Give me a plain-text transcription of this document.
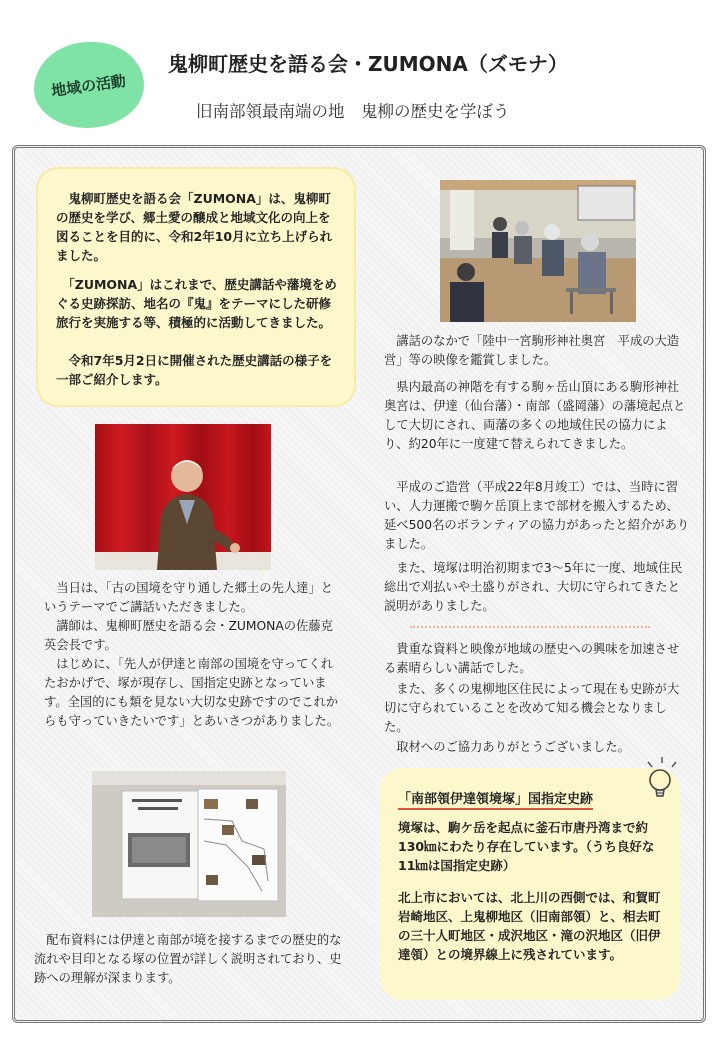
地域の活動
鬼柳町歴史を語る会・ZUMONA（ズモナ）
旧南部領最南端の地　鬼柳の歴史を学ぼう

　鬼柳町歴史を語る会「ZUMONA」は、鬼柳町の歴史を学び、郷土愛の醸成と地域文化の向上を図ることを目的に、令和2年10月に立ち上げられました。

　「ZUMONA」はこれまで、歴史講話や藩境をめぐる史跡探訪、地名の『鬼』をテーマにした研修旅行を実施する等、積極的に活動してきました。

　令和7年5月2日に開催された歴史講話の様子を一部ご紹介します。

　当日は、「古の国境を守り通した郷土の先人達」というテーマでご講話いただきました。

　講師は、鬼柳町歴史を語る会・ZUMONAの佐藤克英会長です。

　はじめに、「先人が伊達と南部の国境を守ってくれたおかげで、塚が現存し、国指定史跡となっています。全国的にも類を見ない大切な史跡ですのでこれからも守っていきたいです」とあいさつがありました。

　配布資料には伊達と南部が境を接するまでの歴史的な流れや目印となる塚の位置が詳しく説明されており、史跡への理解が深まります。

　講話のなかで「陸中一宮駒形神社奥宮　平成の大造営」等の映像を鑑賞しました。

　県内最高の神階を有する駒ヶ岳山頂にある駒形神社奥宮は、伊達（仙台藩）・南部（盛岡藩）の藩境起点として大切にされ、両藩の多くの地域住民の協力により、約20年に一度建て替えられてきました。

　平成のご造営（平成22年8月竣工）では、当時に習い、人力運搬で駒ケ岳頂上まで部材を搬入するため、延べ500名のボランティアの協力があったと紹介がありました。

　また、境塚は明治初期まで3～5年に一度、地域住民総出で刈払いや土盛りがされ、大切に守られてきたと説明がありました。

　貴重な資料と映像が地域の歴史への興味を加速させる素晴らしい講話でした。

　また、多くの鬼柳地区住民によって現在も史跡が大切に守られていることを改めて知る機会となりました。

　取材へのご協力ありがとうございました。

「南部領伊達領境塚」国指定史跡

境塚は、駒ケ岳を起点に釜石市唐丹湾まで約130㎞にわたり存在しています。（うち良好な11㎞は国指定史跡）

北上市においては、北上川の西側では、和賀町岩崎地区、上鬼柳地区（旧南部領）と、相去町の三十人町地区・成沢地区・滝の沢地区（旧伊達領）との境界線上に残されています。
